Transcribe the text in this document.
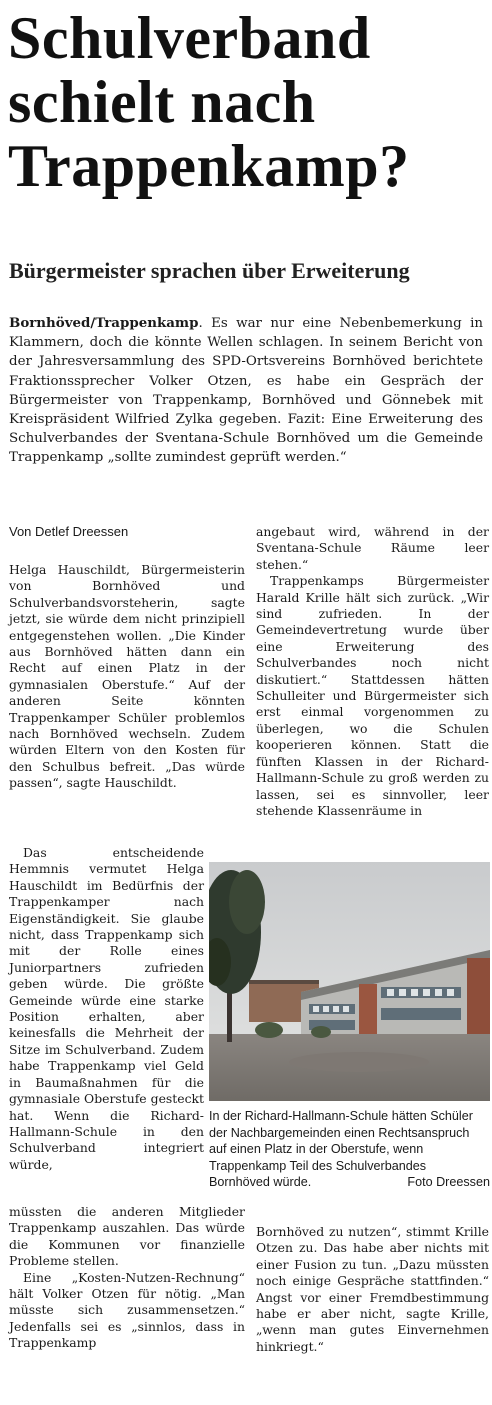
Schulverband
schielt nach
Trappenkamp?
Bürgermeister sprachen über Erweiterung

Bornhöved/Trappenkamp. Es war nur eine Nebenbemerkung in Klammern, doch die könnte Wellen schlagen. In seinem Bericht von der Jahresversammlung des SPD-Ortsvereins Bornhöved berichtete Fraktionssprecher Volker Otzen, es habe ein Gespräch der Bürgermeister von Trappenkamp, Bornhöved und Gönnebek mit Kreispräsident Wilfried Zylka gegeben. Fazit: Eine Erweiterung des Schulverbandes der Sventana-Schule Bornhöved um die Gemeinde Trappenkamp „sollte zumindest geprüft werden.“

Von Detlef Dreessen

Helga Hauschildt, Bürgermeisterin von Bornhöved und Schulverbandsvorsteherin, sagte jetzt, sie würde dem nicht prinzipiell entgegenstehen wollen. „Die Kinder aus Bornhöved hätten dann ein Recht auf einen Platz in der gymnasialen Oberstufe.“ Auf der anderen Seite könnten Trappenkamper Schüler problemlos nach Bornhöved wechseln. Zudem würden Eltern von den Kosten für den Schulbus befreit. „Das würde passen“, sagte Hauschildt.

Das entscheidende Hemmnis vermutet Helga Hauschildt im Bedürfnis der Trappenkamper nach Eigenständigkeit. Sie glaube nicht, dass Trappenkamp sich mit der Rolle eines Juniorpartners zufrieden geben würde. Die größte Gemeinde würde eine starke Position erhalten, aber keinesfalls die Mehrheit der Sitze im Schulverband. Zudem habe Trappenkamp viel Geld in Baumaßnahmen für die gymnasiale Oberstufe gesteckt hat. Wenn die Richard-Hallmann-Schule in den Schulverband integriert würde,

müssten die anderen Mitglieder Trappenkamp auszahlen. Das würde die Kommunen vor finanzielle Probleme stellen.

Eine „Kosten-Nutzen-Rechnung“ hält Volker Otzen für nötig. „Man müsste sich zusammensetzen.“ Jedenfalls sei es „sinnlos, dass in Trappenkamp

angebaut wird, während in der Sventana-Schule Räume leer stehen.“

Trappenkamps Bürgermeister Harald Krille hält sich zurück. „Wir sind zufrieden. In der Gemeindevertretung wurde über eine Erweiterung des Schulverbandes noch nicht diskutiert.“ Stattdessen hätten Schulleiter und Bürgermeister sich erst einmal vorgenommen zu überlegen, wo die Schulen kooperieren können. Statt die fünften Klassen in der Richard-Hallmann-Schule zu groß werden zu lassen, sei es sinnvoller, leer stehende Klassenräume in

In der Richard-Hallmann-Schule hätten Schüler der Nachbargemeinden einen Rechtsanspruch auf einen Platz in der Oberstufe, wenn Trappenkamp Teil des Schulverbandes Bornhöved würde.	Foto Dreessen

Bornhöved zu nutzen“, stimmt Krille Otzen zu. Das habe aber nichts mit einer Fusion zu tun. „Dazu müssten noch einige Gespräche stattfinden.“ Angst vor einer Fremdbestimmung habe er aber nicht, sagte Krille, „wenn man gutes Einvernehmen hinkriegt.“
